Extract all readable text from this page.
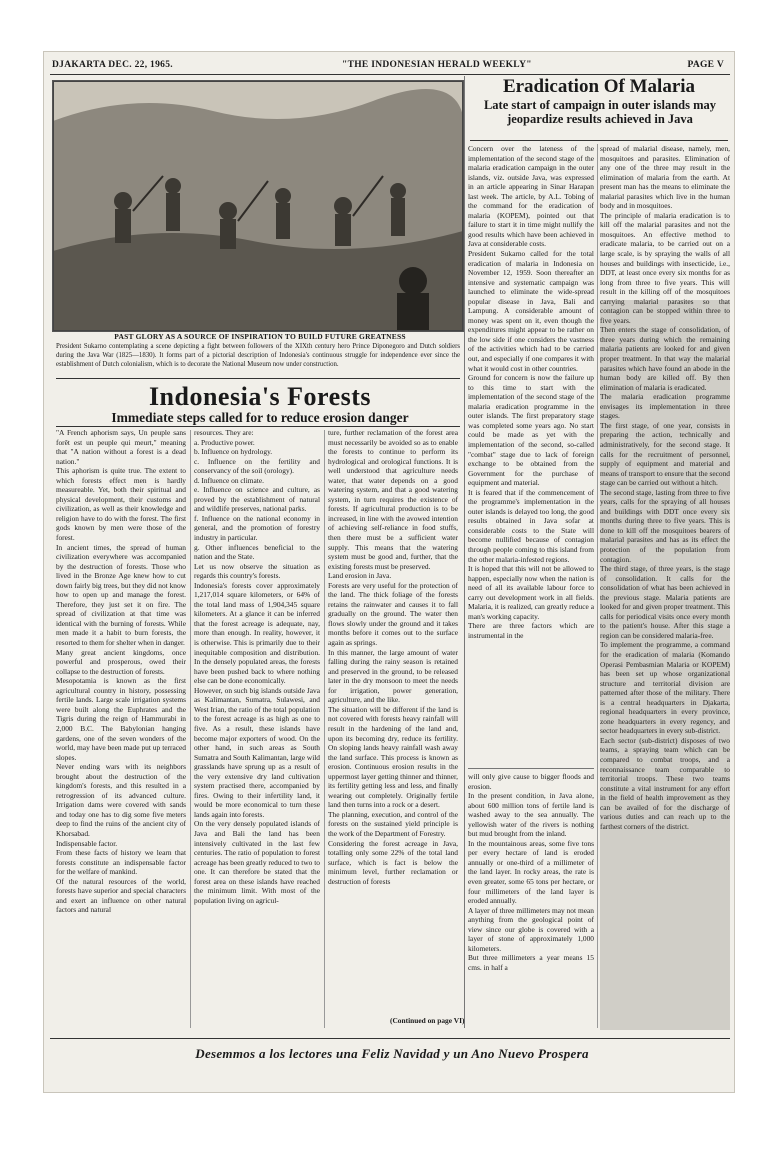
DJAKARTA DEC. 22, 1965.	"THE INDONESIAN HERALD WEEKLY"	PAGE V
PAST GLORY AS A SOURCE OF INSPIRATION TO BUILD FUTURE GREATNESS
President Sukarno contemplating a scene depicting a fight between followers of the XIXth century hero Prince Diponegoro and Dutch soldiers during the Java War (1825—1830). It forms part of a pictorial description of Indonesia's continuous struggle for independence ever since the establishment of Dutch colonialism, which is to decorate the National Museum now under construction.
Indonesia's Forests
Immediate steps called for to reduce erosion danger
"A French aphorism says, Un peuple sans forêt est un peuple qui meurt," meaning that "A nation without a forest is a dead nation."
This aphorism is quite true. The extent to which forests effect men is hardly measureable. Yet, both their spiritual and physical development, their customs and civilization, as well as their knowledge and religion have to do with the forest. The first gods known by men were those of the forest.
In ancient times, the spread of human civilization everywhere was accompanied by the destruction of forests. Those who lived in the Bronze Age knew how to cut down fairly big trees, but they did not know how to open up and manage the forest. Therefore, they just set it on fire. The spread of civilization at that time was identical with the burning of forests. While men made it a habit to burn forests, the resorted to them for shelter when in danger.
Many great ancient kingdoms, once powerful and prosperous, owed their collapse to the destruction of forests.
Mesopotamia is known as the first agricultural country in history, possessing fertile lands. Large scale irrigation systems were built along the Euphrates and the Tigris during the reign of Hammurabi in 2,000 B.C. The Babylonian hanging gardens, one of the seven wonders of the world, may have been made put up terraced slopes.
Never ending wars with its neighbors brought about the destruction of the kingdom's forests, and this resulted in a retrogression of its advanced culture. Irrigation dams were covered with sands and today one has to dig some five meters deep to find the ruins of the ancient city of Khorsabad.
Indispensable factor.
From these facts of history we learn that forests constitute an indispensable factor for the welfare of mankind.
Of the natural resources of the world, forests have superior and special characters and exert an influence on other natural factors and natural
resources. They are:
a. Productive power.
b. Influence on hydrology.
c. Influence on the fertility and conservancy of the soil (orology).
d. Influence on climate.
e. Influence on science and culture, as proved by the establishment of natural and wildlife preserves, national parks.
f. Influence on the national economy in general, and the promotion of forestry industry in particular.
g. Other influences beneficial to the nation and the State.
Let us now observe the situation as regards this country's forests.
Indonesia's forests cover approximately 1,217,014 square kilometers, or 64% of the total land mass of 1,904,345 square kilometers. At a glance it can be inferred that the forest acreage is adequate, nay, more than enough. In reality, however, it is otherwise. This is primarily due to their inequitable composition and distribution. In the densely populated areas, the forests have been pushed back to where nothing else can be done economically.
However, on such big islands outside Java as Kalimantan, Sumatra, Sulawesi, and West Irian, the ratio of the total population to the forest acreage is as high as one to five. As a result, these islands have become major exporters of wood. On the other hand, in such areas as South Sumatra and South Kalimantan, large wild grasslands have sprung up as a result of the very extensive dry land cultivation system practised there, accompanied by fires. Owing to their infertility land, it would be more economical to turn these lands again into forests.
On the very densely populated islands of Java and Bali the land has been intensively cultivated in the last few centuries. The ratio of population to forest acreage has been greatly reduced to two to one. It can therefore be stated that the forest area on these islands have reached the minimum limit. With most of the population living on agricul-
ture, further reclamation of the forest area must necessarily be avoided so as to enable the forests to continue to perform its hydrological and orological functions. It is well understood that agriculture needs water, that water depends on a good watering system, and that a good watering system, in turn requires the existence of forests. If agricultural production is to be increased, in line with the avowed intention of achieving self-reliance in food stuffs, then there must be a sufficient water supply. This means that the watering system must be good and, further, that the existing forests must be preserved.
Land erosion in Java.
Forests are very useful for the protection of the land. The thick foliage of the forests retains the rainwater and causes it to fall gradually on the ground. The water then flows slowly under the ground and it takes months before it comes out to the surface again as springs.
In this manner, the large amount of water falling during the rainy season is retained and preserved in the ground, to be released later in the dry monsoon to meet the needs for irrigation, power generation, agriculture, and the like.
The situation will be different if the land is not covered with forests heavy rainfall will result in the hardening of the land and, upon its becoming dry, reduce its fertility. On sloping lands heavy rainfall wash away the land surface. This process is known as erosion. Continuous erosion results in the uppermost layer getting thinner and thinner, its fertility getting less and less, and finally wearing out completely. Originally fertile land then turns into a rock or a desert.
The planning, execution, and control of the forests on the sustained yield principle is the work of the Department of Forestry.
Considering the forest acreage in Java, totalling only some 22% of the total land surface, which is fact is below the minimum level, further reclamation or destruction of forests
Eradication Of Malaria
Late start of campaign in outer islands may jeopardize results achieved in Java
Concern over the lateness of the implementation of the second stage of the malaria eradication campaign in the outer islands, viz. outside Java, was expressed in an article appearing in Sinar Harapan last week. The article, by A.L. Tobing of the command for the eradication of malaria (KOPEM), pointed out that failure to start it in time might nullify the good results which have been achieved in Java at considerable costs.
President Sukarno called for the total eradication of malaria in Indonesia on November 12, 1959. Soon thereafter an intensive and systematic campaign was launched to eliminate the wide-spread popular disease in Java, Bali and Lampung. A considerable amount of money was spent on it, even though the expenditures might appear to be rather on the low side if one considers the vastness of the activities which had to be carried out, and especially if one compares it with what it would cost in other countries.
Ground for concern is now the failure up to this time to start with the implementation of the second stage of the malaria eradication programme in the outer islands. The first preparatory stage was completed some years ago. No start could be made as yet with the implementation of the second, so-called "combat" stage due to lack of foreign exchange to be obtained from the Government for the purchase of equipment and material.
It is feared that if the commencement of the programme's implementation in the outer islands is delayed too long, the good results obtained in Java sofar at considerable costs to the State will become nullified because of contagion through people coming to this island from the other malaria-infested regions.
It is hoped that this will not be allowed to happen, especially now when the nation is need of all its available labour force to carry out development work in all fields. Malaria, it is realized, can greatly reduce a man's working capacity.
There are three factors which are instrumental in the
will only give cause to bigger floods and erosion.
In the present condition, in Java alone, about 600 million tons of fertile land is washed away to the sea annually. The yellowish water of the rivers is nothing but mud brought from the inland.
In the mountainous areas, some five tons per every hectare of land is eroded annually or one-third of a millimeter of the land layer. In rocky areas, the rate is even greater, some 65 tons per hectare, or four millimeters of the land layer is eroded annually.
A layer of three millimeters may not mean anything from the geological point of view since our globe is covered with a layer of stone of approximately 1,000 kilometers.
But three millimeters a year means 15 cms. in half a
spread of malarial disease, namely, men, mosquitoes and parasites. Elimination of any one of the three may result in the elimination of malaria from the earth. At present man has the means to eliminate the malarial parasites which live in the human body and in mosquitoes.
The principle of malaria eradication is to kill off the malarial parasites and not the mosquitoes. An effective method to eradicate malaria, to be carried out on a large scale, is by spraying the walls of all houses and buildings with insecticide, i.e., DDT, at least once every six months for as long from three to five years. This will result in the killing off of the mosquitoes carrying malarial parasites so that contagion can be stopped within three to five years.
Then enters the stage of consolidation, of three years during which the remaining malaria patients are looked for and given proper treatment. In that way the malarial parasites which have found an abode in the human body are killed off. By then elimination of malaria is eradicated.
The malaria eradication programme envisages its implementation in three stages.
The first stage, of one year, consists in preparing the action, technically and administratively, for the second stage. It calls for the recruitment of personnel, supply of equipment and material and means of transport to ensure that the second stage can be carried out without a hitch.
The second stage, lasting from three to five years, calls for the spraying of all houses and buildings with DDT once every six months during three to five years. This is done to kill off the mosquitoes bearers of malarial parasites and has as its effect the protection of the population from contagion.
The third stage, of three years, is the stage of consolidation. It calls for the consolidation of what has been achieved in the previous stage. Malaria patients are looked for and given proper treatment. This calls for periodical visits once every month to the patient's house. After this stage a region can be considered malaria-free.
To implement the programme, a command for the eradication of malaria (Komando Operasi Pembasmian Malaria or KOPEM) has been set up whose organizational structure and territorial division are patterned after those of the military. There is a central headquarters in Djakarta, regional headquarters in every province, zone headquarters in every regency, and sector headquarters in every sub-district.
Each sector (sub-district) disposes of two teams, a spraying team which can be compared to combat troops, and a reconnaissance team comparable to territorial troops. These two teams constitute a vital instrument for any effort in the field of health improvement as they can be availed of for the discharge of various duties and can reach up to the farthest corners of the district.
(Continued on page VI)
Desemmos a los lectores una Feliz Navidad y un Ano Nuevo Prospera
